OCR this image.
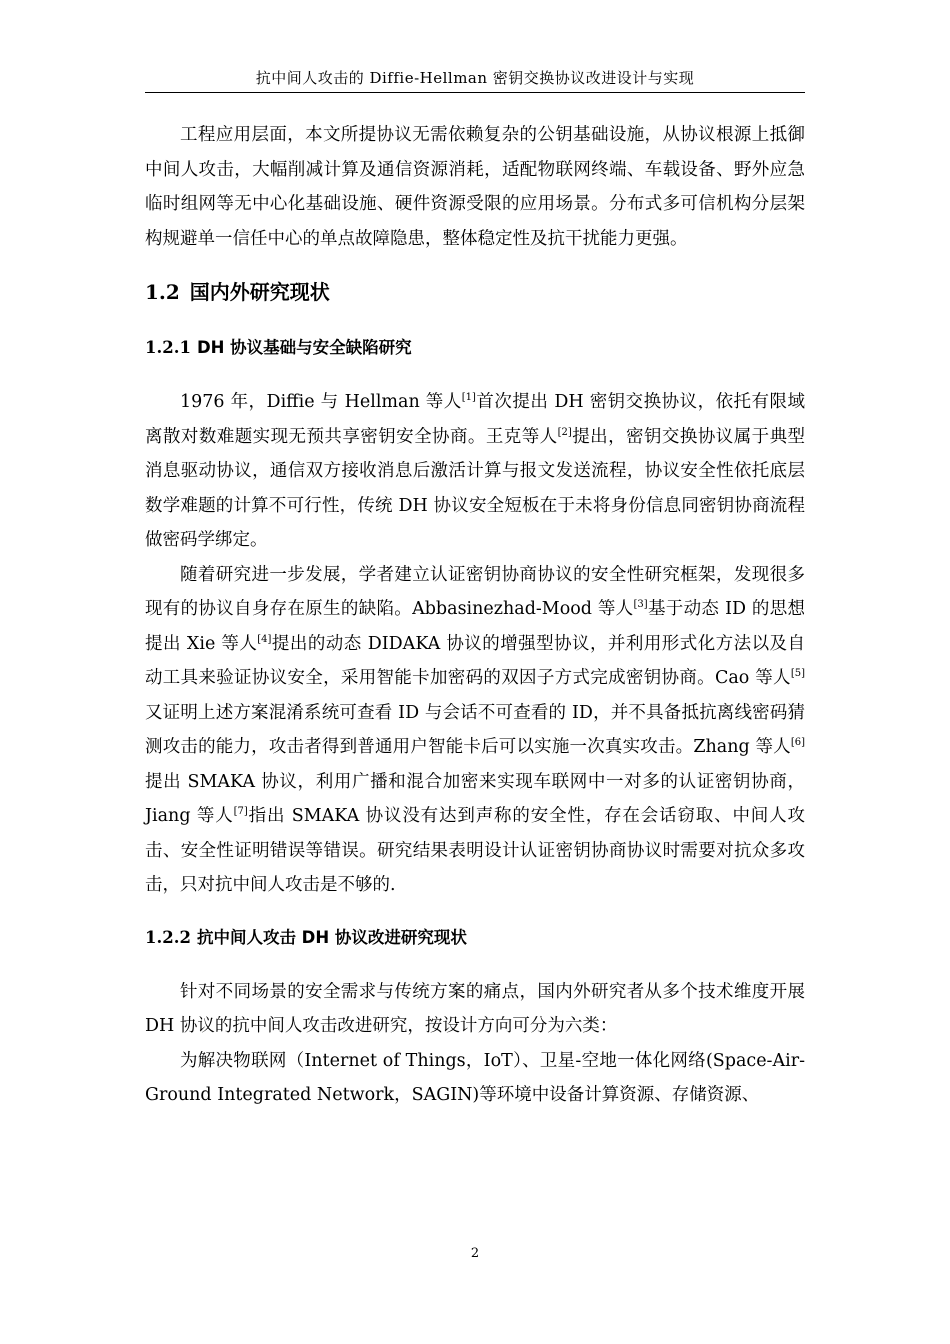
抗中间人攻击的 Diffie-Hellman 密钥交换协议改进设计与实现

工程应用层面，本文所提协议无需依赖复杂的公钥基础设施，从协议根源上抵御中间人攻击，大幅削减计算及通信资源消耗，适配物联网终端、车载设备、野外应急临时组网等无中心化基础设施、硬件资源受限的应用场景。分布式多可信机构分层架构规避单一信任中心的单点故障隐患，整体稳定性及抗干扰能力更强。

1.2 国内外研究现状
1.2.1 DH 协议基础与安全缺陷研究

1976 年，Diffie 与 Hellman 等人[1]首次提出 DH 密钥交换协议，依托有限域离散对数难题实现无预共享密钥安全协商。王克等人[2]提出，密钥交换协议属于典型消息驱动协议，通信双方接收消息后激活计算与报文发送流程，协议安全性依托底层数学难题的计算不可行性，传统 DH 协议安全短板在于未将身份信息同密钥协商流程做密码学绑定。

随着研究进一步发展，学者建立认证密钥协商协议的安全性研究框架，发现很多现有的协议自身存在原生的缺陷。Abbasinezhad-Mood 等人[3]基于动态 ID 的思想提出 Xie 等人[4]提出的动态 DIDAKA 协议的增强型协议，并利用形式化方法以及自动工具来验证协议安全，采用智能卡加密码的双因子方式完成密钥协商。Cao 等人[5]又证明上述方案混淆系统可查看 ID 与会话不可查看的 ID，并不具备抵抗离线密码猜测攻击的能力，攻击者得到普通用户智能卡后可以实施一次真实攻击。Zhang 等人[6]提出 SMAKA 协议，利用广播和混合加密来实现车联网中一对多的认证密钥协商，Jiang 等人[7]指出 SMAKA 协议没有达到声称的安全性，存在会话窃取、中间人攻击、安全性证明错误等错误。研究结果表明设计认证密钥协商协议时需要对抗众多攻击，只对抗中间人攻击是不够的.

1.2.2 抗中间人攻击 DH 协议改进研究现状

针对不同场景的安全需求与传统方案的痛点，国内外研究者从多个技术维度开展 DH 协议的抗中间人攻击改进研究，按设计方向可分为六类：

为解决物联网（Internet of Things，IoT）、卫星-空地一体化网络(Space-Air-Ground Integrated Network，SAGIN)等环境中设备计算资源、存储资源、

2
